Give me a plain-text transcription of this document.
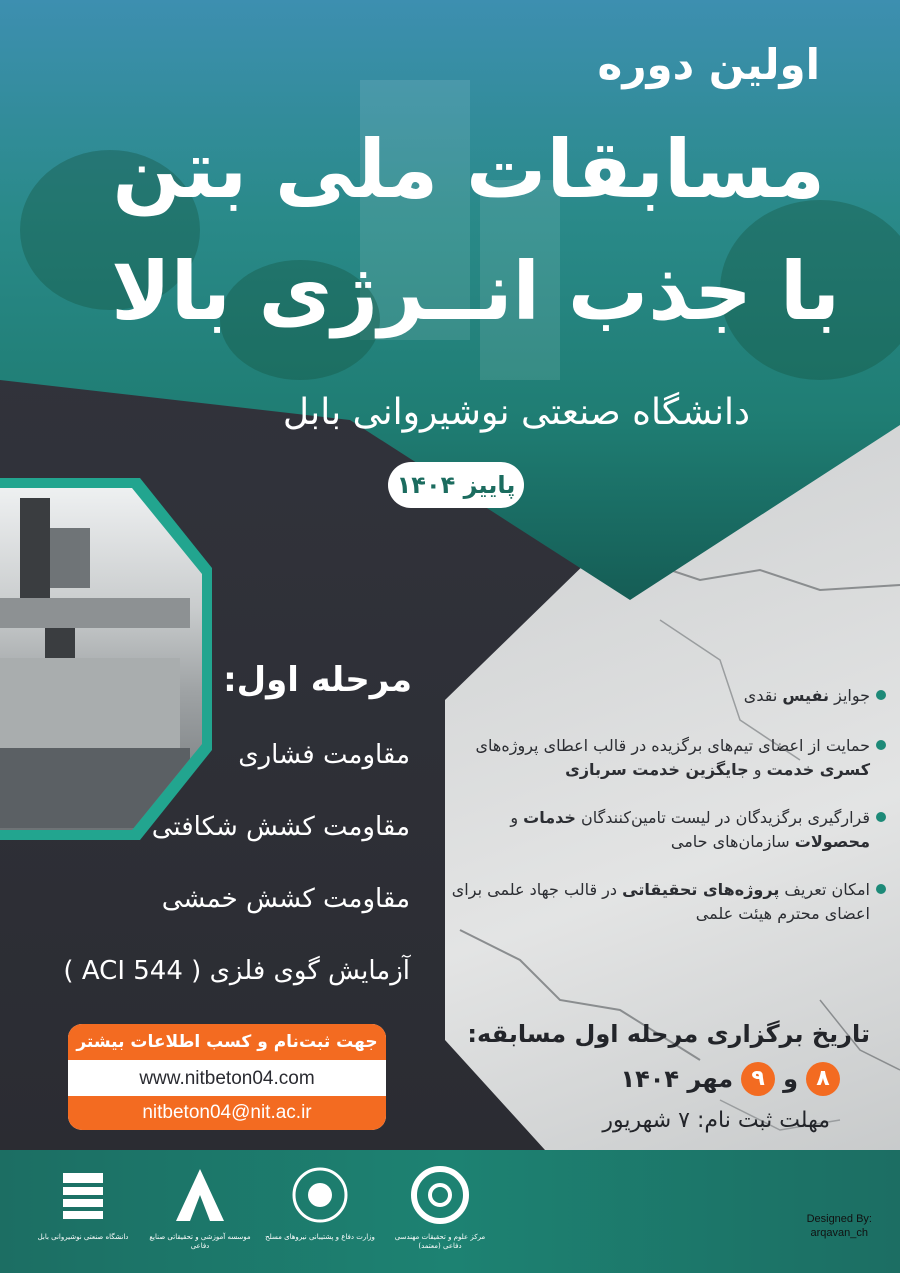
اولین دوره
مسابقات ملی بتن
با جذب انــرژی بالا
دانشگاه صنعتی نوشیروانی بابل
پاییز ۱۴۰۴
مرحله اول:
مقاومت فشاری
مقاومت کشش شکافتی
مقاومت کشش خمشی
آزمایش گوی فلزی ( ACI 544 )
جهت ثبت‌نام و کسب اطلاعات بیشتر
www.nitbeton04.com
nitbeton04@nit.ac.ir
جوایز نفیس نقدی
حمایت از اعضای تیم‌های برگزیده در قالب اعطای پروژه‌های کسری خدمت و جایگزین خدمت سربازی
قرارگیری برگزیدگان در لیست تامین‌کنندگان خدمات و محصولات سازمان‌های حامی
امکان تعریف پروژه‌های تحقیقاتی در قالب جهاد علمی برای اعضای محترم هیئت علمی
تاریخ برگزاری مرحله اول مسابقه:
۸
و
۹
مهر ۱۴۰۴
مهلت ثبت نام: ۷ شهریور
دانشگاه صنعتی نوشیروانی بابل	موسسه آموزشی و تحقیقاتی صنایع دفاعی
وزارت دفاع و پشتیبانی نیروهای مسلح	مرکز علوم و تحقیقات مهندسی دفاعی (معتمد)
Designed By:
arqavan_ch
